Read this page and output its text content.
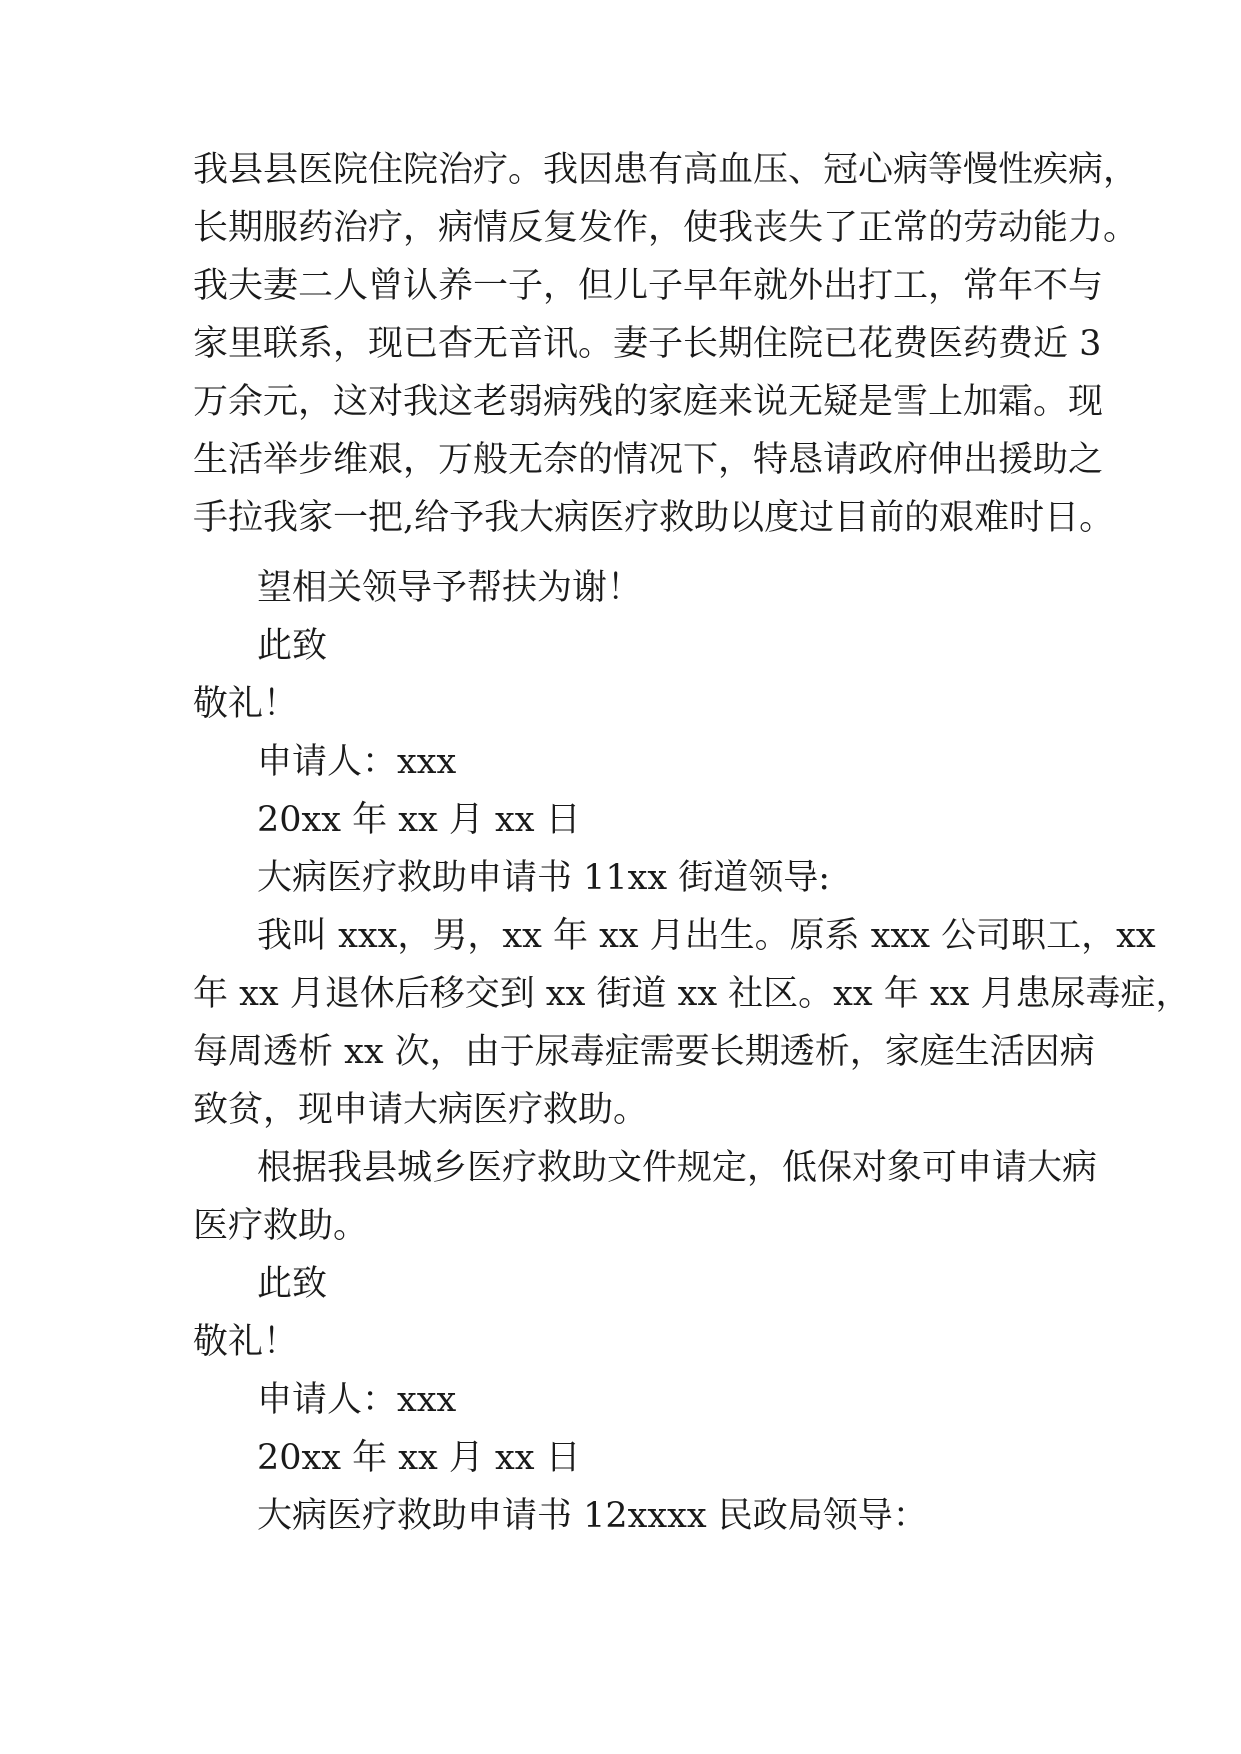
我县县医院住院治疗。我因患有高血压、冠心病等慢性疾病，
长期服药治疗，病情反复发作，使我丧失了正常的劳动能力。
我夫妻二人曾认养一子，但儿子早年就外出打工，常年不与
家里联系，现已杳无音讯。妻子长期住院已花费医药费近 3
万余元，这对我这老弱病残的家庭来说无疑是雪上加霜。现
生活举步维艰，万般无奈的情况下，特恳请政府伸出援助之
手拉我家一把,给予我大病医疗救助以度过目前的艰难时日。
望相关领导予帮扶为谢！
此致
敬礼！
申请人：xxx
20xx 年 xx 月 xx 日
大病医疗救助申请书 11xx 街道领导:
我叫 xxx，男，xx 年 xx 月出生。原系 xxx 公司职工，xx
年 xx 月退休后移交到 xx 街道 xx 社区。xx 年 xx 月患尿毒症，
每周透析 xx 次，由于尿毒症需要长期透析，家庭生活因病
致贫，现申请大病医疗救助。
根据我县城乡医疗救助文件规定，低保对象可申请大病
医疗救助。
此致
敬礼！
申请人：xxx
20xx 年 xx 月 xx 日
大病医疗救助申请书 12xxxx 民政局领导：
